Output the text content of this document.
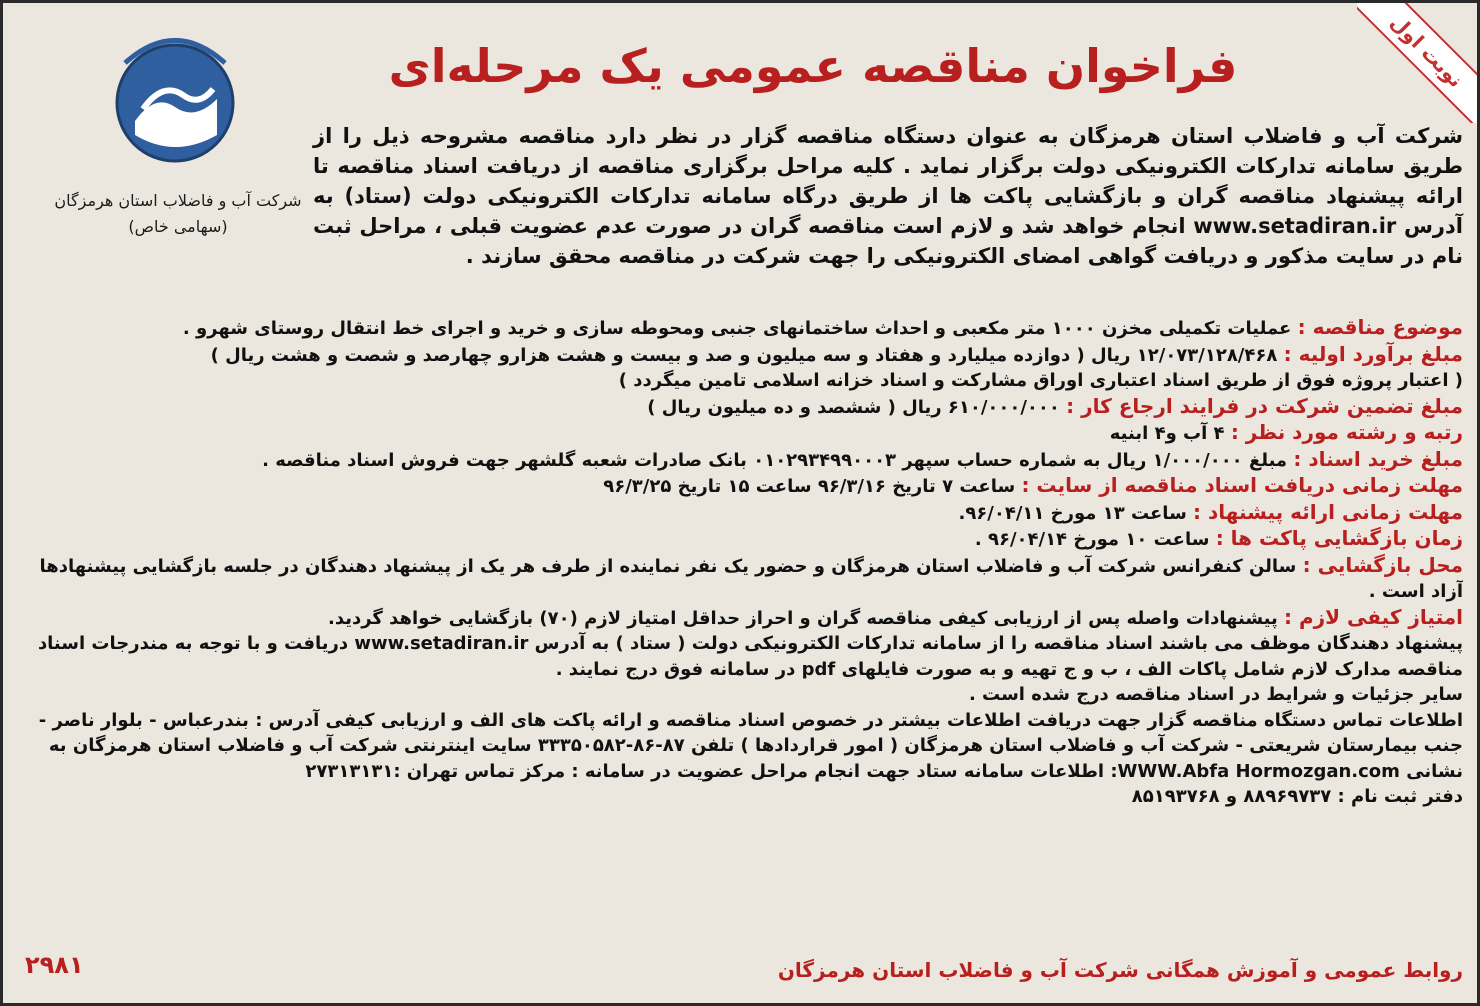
نوبت اول
فراخوان مناقصه عمومی یک مرحله‌ای
شرکت آب و فاضلاب استان هرمزگان
(سهامی خاص)
شرکت آب و فاضلاب استان هرمزگان به عنوان دستگاه مناقصه گزار در نظر دارد مناقصه مشروحه ذیل را از طریق سامانه تدارکات الکترونیکی دولت برگزار نماید . کلیه مراحل برگزاری مناقصه از دریافت اسناد مناقصه تا ارائه پیشنهاد مناقصه گران و بازگشایی پاکت ها از طریق درگاه سامانه تدارکات الکترونیکی دولت (ستاد) به آدرس www.setadiran.ir انجام خواهد شد و لازم است مناقصه گران در صورت عدم عضویت قبلی ، مراحل ثبت نام در سایت مذکور و دریافت گواهی امضای الکترونیکی را جهت شرکت در مناقصه محقق سازند .

موضوع مناقصه : عملیات تکمیلی مخزن ۱۰۰۰ متر مکعبی و احداث ساختمانهای جنبی ومحوطه سازی و خرید و اجرای خط انتقال روستای شهرو .

مبلغ برآورد اولیه : ۱۲/۰۷۳/۱۲۸/۴۶۸ ریال ( دوازده میلیارد و هفتاد و سه میلیون و صد و بیست و هشت هزارو چهارصد و شصت و هشت ریال )

( اعتبار پروژه فوق از طریق اسناد اعتباری اوراق مشارکت و اسناد خزانه اسلامی تامین میگردد )

مبلغ تضمین شرکت در فرایند ارجاع کار : ۶۱۰/۰۰۰/۰۰۰ ریال ( ششصد و ده میلیون ریال )

رتبه و رشته مورد نظر : ۴ آب و۴ ابنیه

مبلغ خرید اسناد : مبلغ ۱/۰۰۰/۰۰۰ ریال به شماره حساب سپهر ۰۱۰۲۹۳۴۹۹۰۰۰۳ بانک صادرات شعبه گلشهر جهت فروش اسناد مناقصه .

مهلت زمانی دریافت اسناد مناقصه از سایت : ساعت ۷ تاریخ ۹۶/۳/۱۶ ساعت ۱۵ تاریخ ۹۶/۳/۲۵

مهلت زمانی ارائه پیشنهاد : ساعت ۱۳ مورخ ۹۶/۰۴/۱۱.

زمان بازگشایی پاکت ها : ساعت ۱۰ مورخ ۹۶/۰۴/۱۴ .

محل بازگشایی : سالن کنفرانس شرکت آب و فاضلاب استان هرمزگان و حضور یک نفر نماینده از طرف هر یک از پیشنهاد دهندگان در جلسه بازگشایی پیشنهادها آزاد است .

امتیاز کیفی لازم : پیشنهادات واصله پس از ارزیابی کیفی مناقصه گران و احراز حداقل امتیاز لازم (۷۰) بازگشایی خواهد گردید.

پیشنهاد دهندگان موظف می باشند اسناد مناقصه را از سامانه تدارکات الکترونیکی دولت ( ستاد ) به آدرس www.setadiran.ir دریافت و با توجه به مندرجات اسناد مناقصه مدارک لازم شامل پاکات الف ، ب و ج تهیه و به صورت فایلهای pdf در سامانه فوق درج نمایند .

سایر جزئیات و شرایط در اسناد مناقصه درج شده است .

اطلاعات تماس دستگاه مناقصه گزار جهت دریافت اطلاعات بیشتر در خصوص اسناد مناقصه و ارائه پاکت های الف و ارزیابی کیفی آدرس : بندرعباس - بلوار ناصر - جنب بیمارستان شریعتی - شرکت آب و فاضلاب استان هرمزگان ( امور قراردادها ) تلفن ۸۷-۸۶-۳۳۳۵۰۵۸۲ سایت اینترنتی شرکت آب و فاضلاب استان هرمزگان به نشانی WWW.Abfa Hormozgan.com: اطلاعات سامانه ستاد جهت انجام مراحل عضویت در سامانه : مرکز تماس تهران :۲۷۳۱۳۱۳۱

دفتر ثبت نام : ۸۸۹۶۹۷۳۷ و ۸۵۱۹۳۷۶۸

روابط عمومی و آموزش همگانی شرکت آب و فاضلاب استان هرمزگان
۲۹۸۱
